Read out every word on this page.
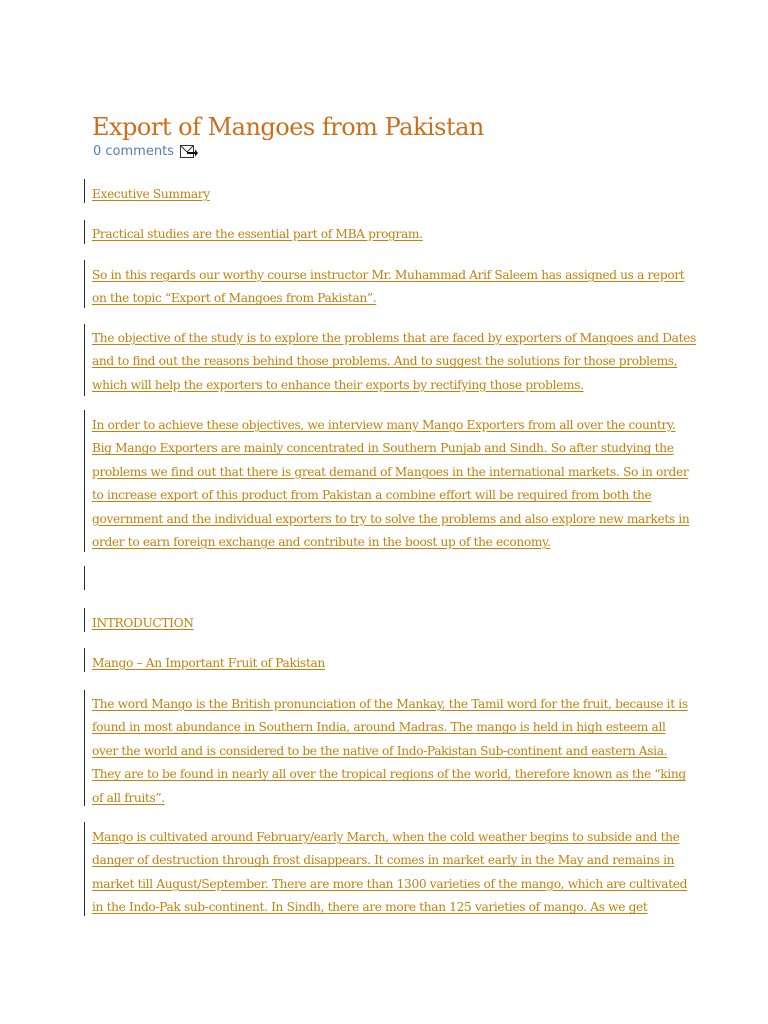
Export of Mangoes from Pakistan
0 comments

Executive Summary

Practical studies are the essential part of MBA program.

So in this regards our worthy course instructor Mr. Muhammad Arif Saleem has assigned us a report
on the topic “Export of Mangoes from Pakistan”.

The objective of the study is to explore the problems that are faced by exporters of Mangoes and Dates
and to find out the reasons behind those problems. And to suggest the solutions for those problems,
which will help the exporters to enhance their exports by rectifying those problems.

In order to achieve these objectives, we interview many Mango Exporters from all over the country.
Big Mango Exporters are mainly concentrated in Southern Punjab and Sindh. So after studying the
problems we find out that there is great demand of Mangoes in the international markets. So in order
to increase export of this product from Pakistan a combine effort will be required from both the
government and the individual exporters to try to solve the problems and also explore new markets in
order to earn foreign exchange and contribute in the boost up of the economy.

INTRODUCTION

Mango – An Important Fruit of Pakistan

The word Mango is the British pronunciation of the Mankay, the Tamil word for the fruit, because it is
found in most abundance in Southern India, around Madras. The mango is held in high esteem all
over the world and is considered to be the native of Indo-Pakistan Sub-continent and eastern Asia.
They are to be found in nearly all over the tropical regions of the world, therefore known as the “king
of all fruits”.

Mango is cultivated around February/early March, when the cold weather begins to subside and the
danger of destruction through frost disappears. It comes in market early in the May and remains in
market till August/September. There are more than 1300 varieties of the mango, which are cultivated
in the Indo-Pak sub-continent. In Sindh, there are more than 125 varieties of mango. As we get
